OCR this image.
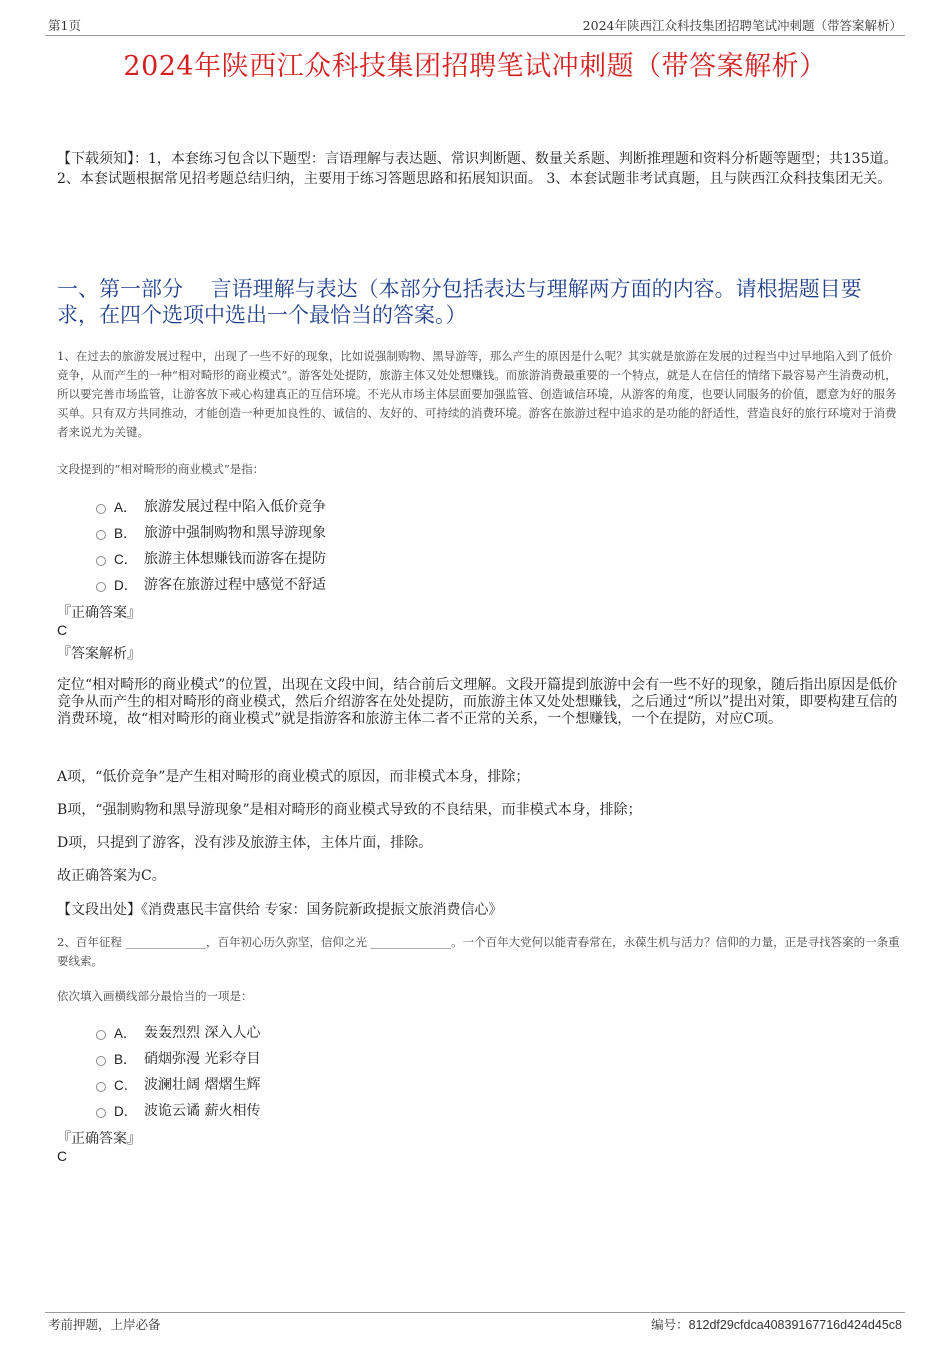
第1页	2024年陕西江众科技集团招聘笔试冲刺题（带答案解析）
2024年陕西江众科技集团招聘笔试冲刺题（带答案解析）
【下载须知】：1，本套练习包含以下题型：言语理解与表达题、常识判断题、数量关系题、判断推理题和资料分析题等题型；共135道。 2、本套试题根据常见招考题总结归纳，主要用于练习答题思路和拓展知识面。 3、本套试题非考试真题，且与陕西江众科技集团无关。
一、第一部分　 言语理解与表达（本部分包括表达与理解两方面的内容。请根据题目要求，在四个选项中选出一个最恰当的答案。）
1、在过去的旅游发展过程中，出现了一些不好的现象，比如说强制购物、黑导游等，那么产生的原因是什么呢？其实就是旅游在发展的过程当中过早地陷入到了低价竞争，从而产生的一种“相对畸形的商业模式”。游客处处提防，旅游主体又处处想赚钱。而旅游消费最重要的一个特点，就是人在信任的情绪下最容易产生消费动机，所以要完善市场监管，让游客放下戒心构建真正的互信环境。不光从市场主体层面要加强监管、创造诚信环境，从游客的角度，也要认同服务的价值，愿意为好的服务买单。只有双方共同推动，才能创造一种更加良性的、诚信的、友好的、可持续的消费环境。游客在旅游过程中追求的是功能的舒适性，营造良好的旅行环境对于消费者来说尤为关键。
文段提到的“相对畸形的商业模式”是指：
A． 旅游发展过程中陷入低价竞争
B． 旅游中强制购物和黑导游现象
C． 旅游主体想赚钱而游客在提防
D． 游客在旅游过程中感觉不舒适
『正确答案』
C
『答案解析』
定位“相对畸形的商业模式”的位置，出现在文段中间，结合前后文理解。文段开篇提到旅游中会有一些不好的现象，随后指出原因是低价竞争从而产生的相对畸形的商业模式，然后介绍游客在处处提防，而旅游主体又处处想赚钱，之后通过“所以”提出对策，即要构建互信的消费环境，故“相对畸形的商业模式”就是指游客和旅游主体二者不正常的关系，一个想赚钱，一个在提防，对应C项。
A项，“低价竞争”是产生相对畸形的商业模式的原因，而非模式本身，排除；
B项，“强制购物和黑导游现象”是相对畸形的商业模式导致的不良结果，而非模式本身，排除；
D项，只提到了游客，没有涉及旅游主体，主体片面，排除。
故正确答案为C。
【文段出处】《消费惠民丰富供给 专家：国务院新政提振文旅消费信心》
2、百年征程 ______________，百年初心历久弥坚，信仰之光 ______________。一个百年大党何以能青春常在，永葆生机与活力？信仰的力量，正是寻找答案的一条重要线索。
依次填入画横线部分最恰当的一项是：
A． 轰轰烈烈 深入人心
B． 硝烟弥漫 光彩夺目
C． 波澜壮阔 熠熠生辉
D． 波诡云谲 薪火相传
『正确答案』
C
考前押题，上岸必备	编号：812df29cfdca40839167716d424d45c8
